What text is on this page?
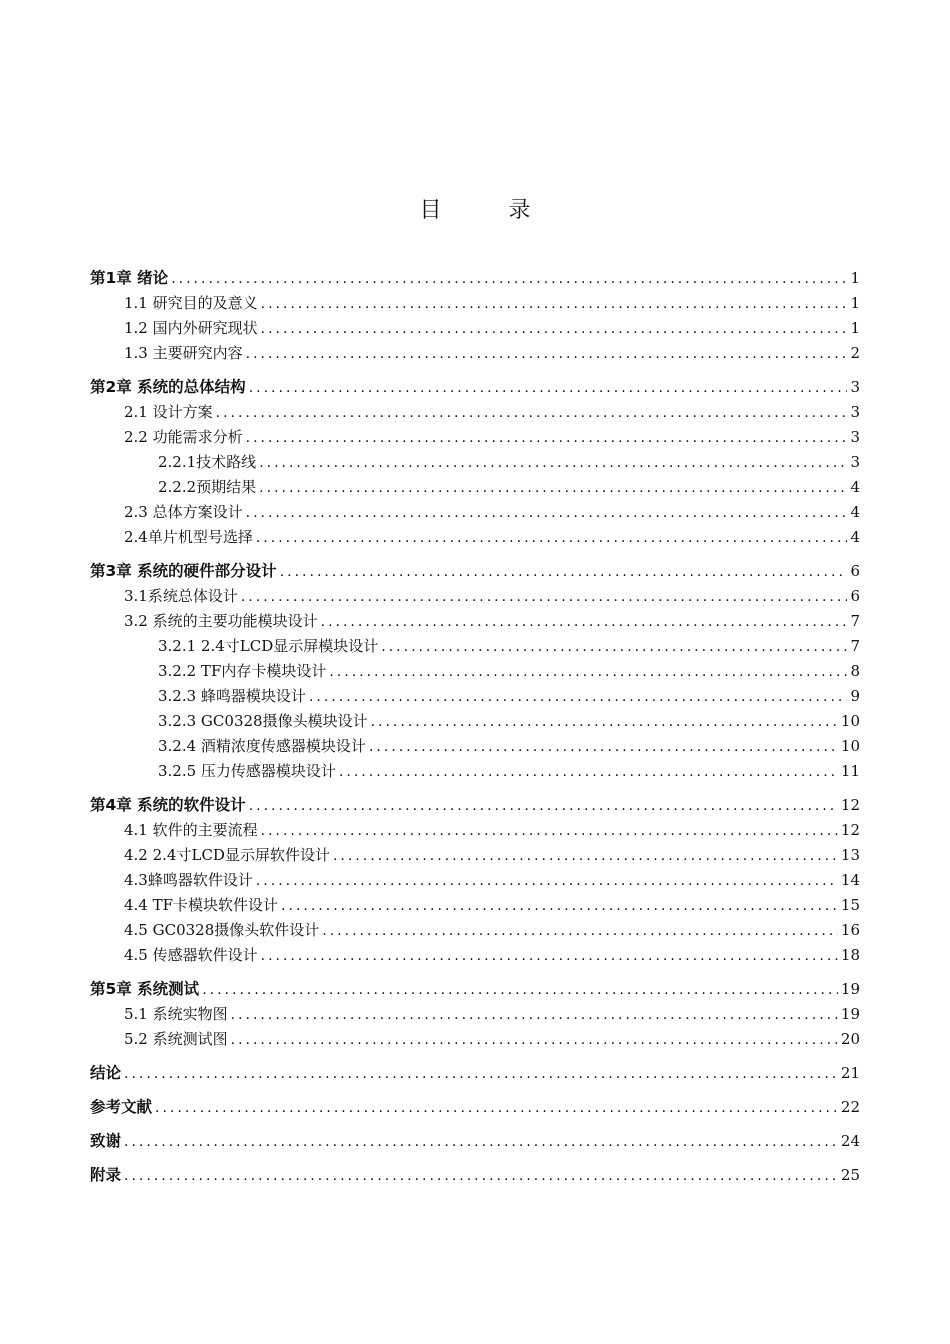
目 录
第1章 绪论 .....	1
1.1 研究目的及意义 .....	1
1.2 国内外研究现状 .....	1
1.3 主要研究内容 .....	2
第2章 系统的总体结构 .....	3
2.1 设计方案 .....	3
2.2 功能需求分析 .....	3
2.2.1技术路线 .....	3
2.2.2预期结果 .....	4
2.3 总体方案设计 .....	4
2.4单片机型号选择 .....	4
第3章 系统的硬件部分设计 .....	6
3.1系统总体设计 .....	6
3.2 系统的主要功能模块设计 .....	7
3.2.1 2.4寸LCD显示屏模块设计 .....	7
3.2.2 TF内存卡模块设计 .....	8
3.2.3 蜂鸣器模块设计 .....	9
3.2.3 GC0328摄像头模块设计 .....	10
3.2.4 酒精浓度传感器模块设计 .....	10
3.2.5 压力传感器模块设计 .....	11
第4章 系统的软件设计 .....	12
4.1 软件的主要流程 .....	12
4.2 2.4寸LCD显示屏软件设计 .....	13
4.3蜂鸣器软件设计 .....	14
4.4 TF卡模块软件设计 .....	15
4.5 GC0328摄像头软件设计 .....	16
4.5 传感器软件设计 .....	18
第5章 系统测试 .....	19
5.1 系统实物图 .....	19
5.2 系统测试图 .....	20
结论 .....	21
参考文献 .....	22
致谢 .....	24
附录 .....	25
